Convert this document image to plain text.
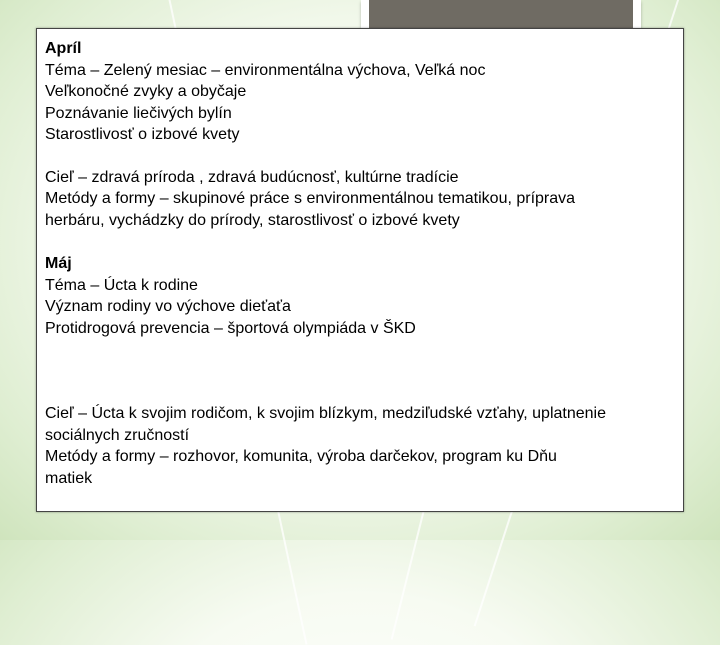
Apríl
Téma – Zelený mesiac – environmentálna výchova, Veľká noc
Veľkonočné zvyky a obyčaje
Poznávanie liečivých bylín
Starostlivosť o izbové kvety
Cieľ – zdravá príroda , zdravá budúcnosť, kultúrne tradície
Metódy a formy – skupinové práce s environmentálnou tematikou, príprava
herbáru, vychádzky do prírody, starostlivosť o izbové kvety
Máj
Téma – Úcta k rodine
Význam rodiny vo výchove dieťaťa
Protidrogová prevencia – športová olympiáda v ŠKD
Cieľ – Úcta k svojim rodičom, k svojim blízkym, medziľudské vzťahy, uplatnenie
sociálnych zručností
Metódy a formy – rozhovor, komunita, výroba darčekov, program ku Dňu
matiek
